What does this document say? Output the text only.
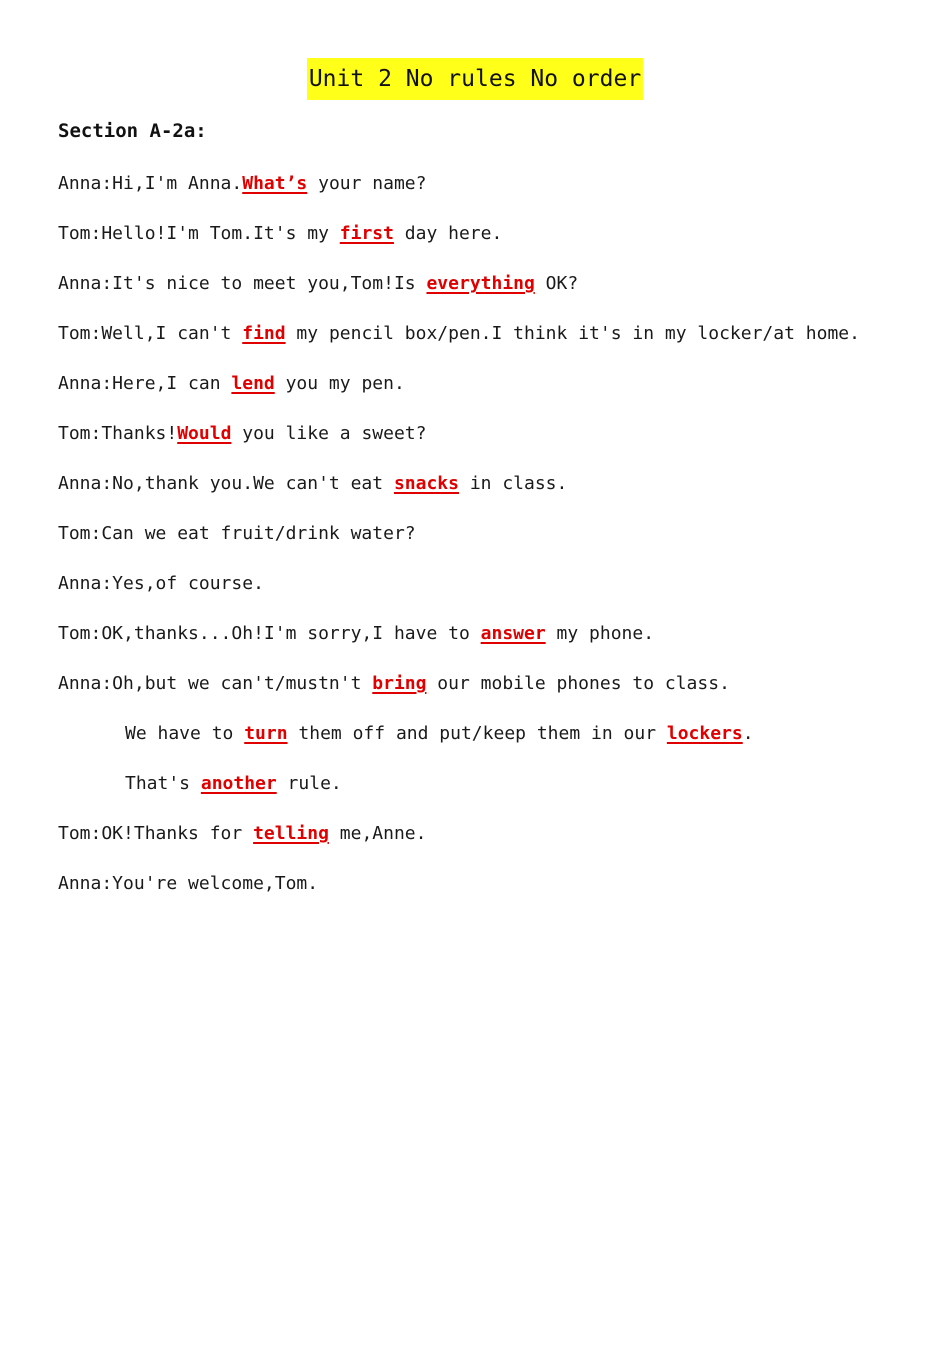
Unit 2 No rules No order
Section A-2a:
Anna:Hi,I'm Anna.What’s your name?
Tom:Hello!I'm Tom.It's my first day here.
Anna:It's nice to meet you,Tom!Is everything OK?
Tom:Well,I can't find my pencil box/pen.I think it's in my locker/at home.
Anna:Here,I can lend you my pen.
Tom:Thanks!Would you like a sweet?
Anna:No,thank you.We can't eat snacks in class.
Tom:Can we eat fruit/drink water?
Anna:Yes,of course.
Tom:OK,thanks...Oh!I'm sorry,I have to answer my phone.
Anna:Oh,but we can't/mustn't bring our mobile phones to class.
We have to turn them off and put/keep them in our lockers.
That's another rule.
Tom:OK!Thanks for telling me,Anne.
Anna:You're welcome,Tom.
